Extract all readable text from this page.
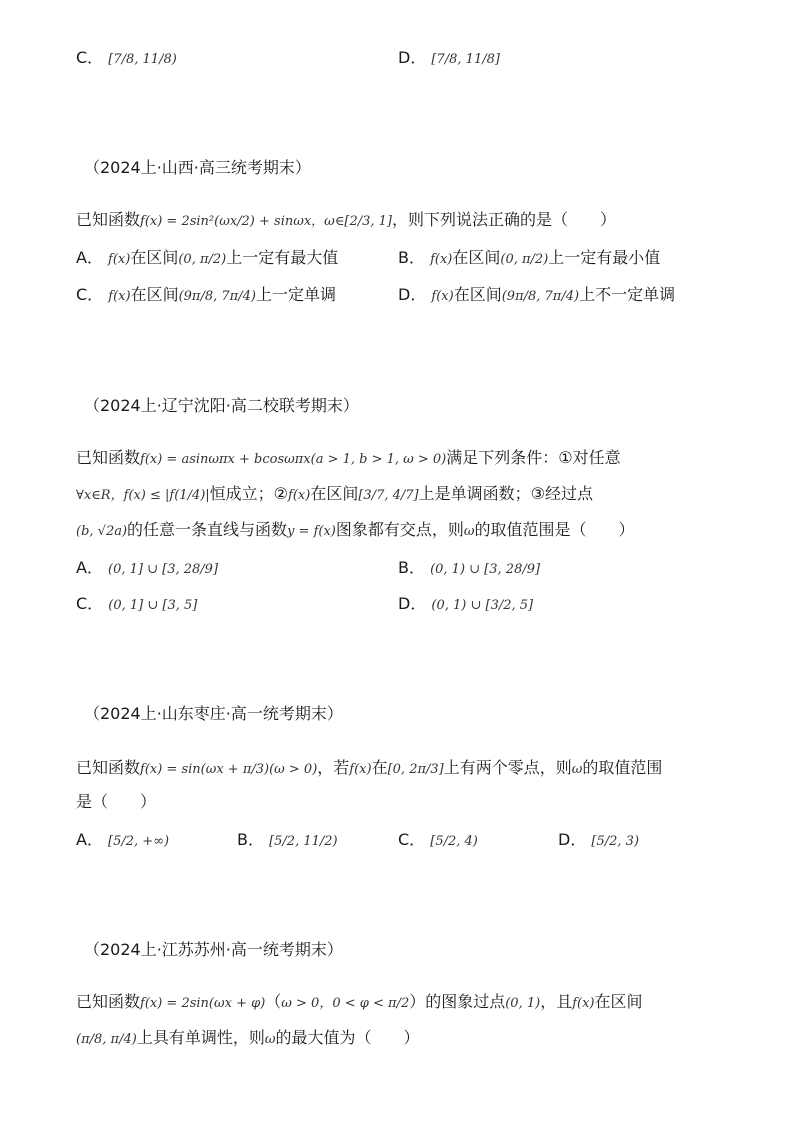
C． [7/8, 11/8)	D． [7/8, 11/8]
（2024上·山西·高三统考期末）
已知函数f(x) = 2sin²(ωx/2) + sinωx，ω∈[2/3, 1]，则下列说法正确的是（　　）
A． f(x)在区间(0, π/2)上一定有最大值	B． f(x)在区间(0, π/2)上一定有最小值
C． f(x)在区间(9π/8, 7π/4)上一定单调	D． f(x)在区间(9π/8, 7π/4)上不一定单调
（2024上·辽宁沈阳·高二校联考期末）
已知函数f(x) = asinωπx + bcosωπx(a > 1, b > 1, ω > 0)满足下列条件：①对任意
∀x∈R，f(x) ≤ |f(1/4)|恒成立；②f(x)在区间[3/7, 4/7]上是单调函数；③经过点
(b, √2a)的任意一条直线与函数y = f(x)图象都有交点，则ω的取值范围是（　　）
A． (0, 1] ∪ [3, 28/9]	B． (0, 1) ∪ [3, 28/9]
C． (0, 1] ∪ [3, 5]	D． (0, 1) ∪ [3/2, 5]
（2024上·山东枣庄·高一统考期末）
已知函数f(x) = sin(ωx + π/3)(ω > 0)，若f(x)在[0, 2π/3]上有两个零点，则ω的取值范围
是（　　）
A． [5/2, +∞)	B． [5/2, 11/2)	C． [5/2, 4)	D． [5/2, 3)
（2024上·江苏苏州·高一统考期末）
已知函数f(x) = 2sin(ωx + φ)（ω > 0，0 < φ < π/2）的图象过点(0, 1)，且f(x)在区间
(π/8, π/4)上具有单调性，则ω的最大值为（　　）
